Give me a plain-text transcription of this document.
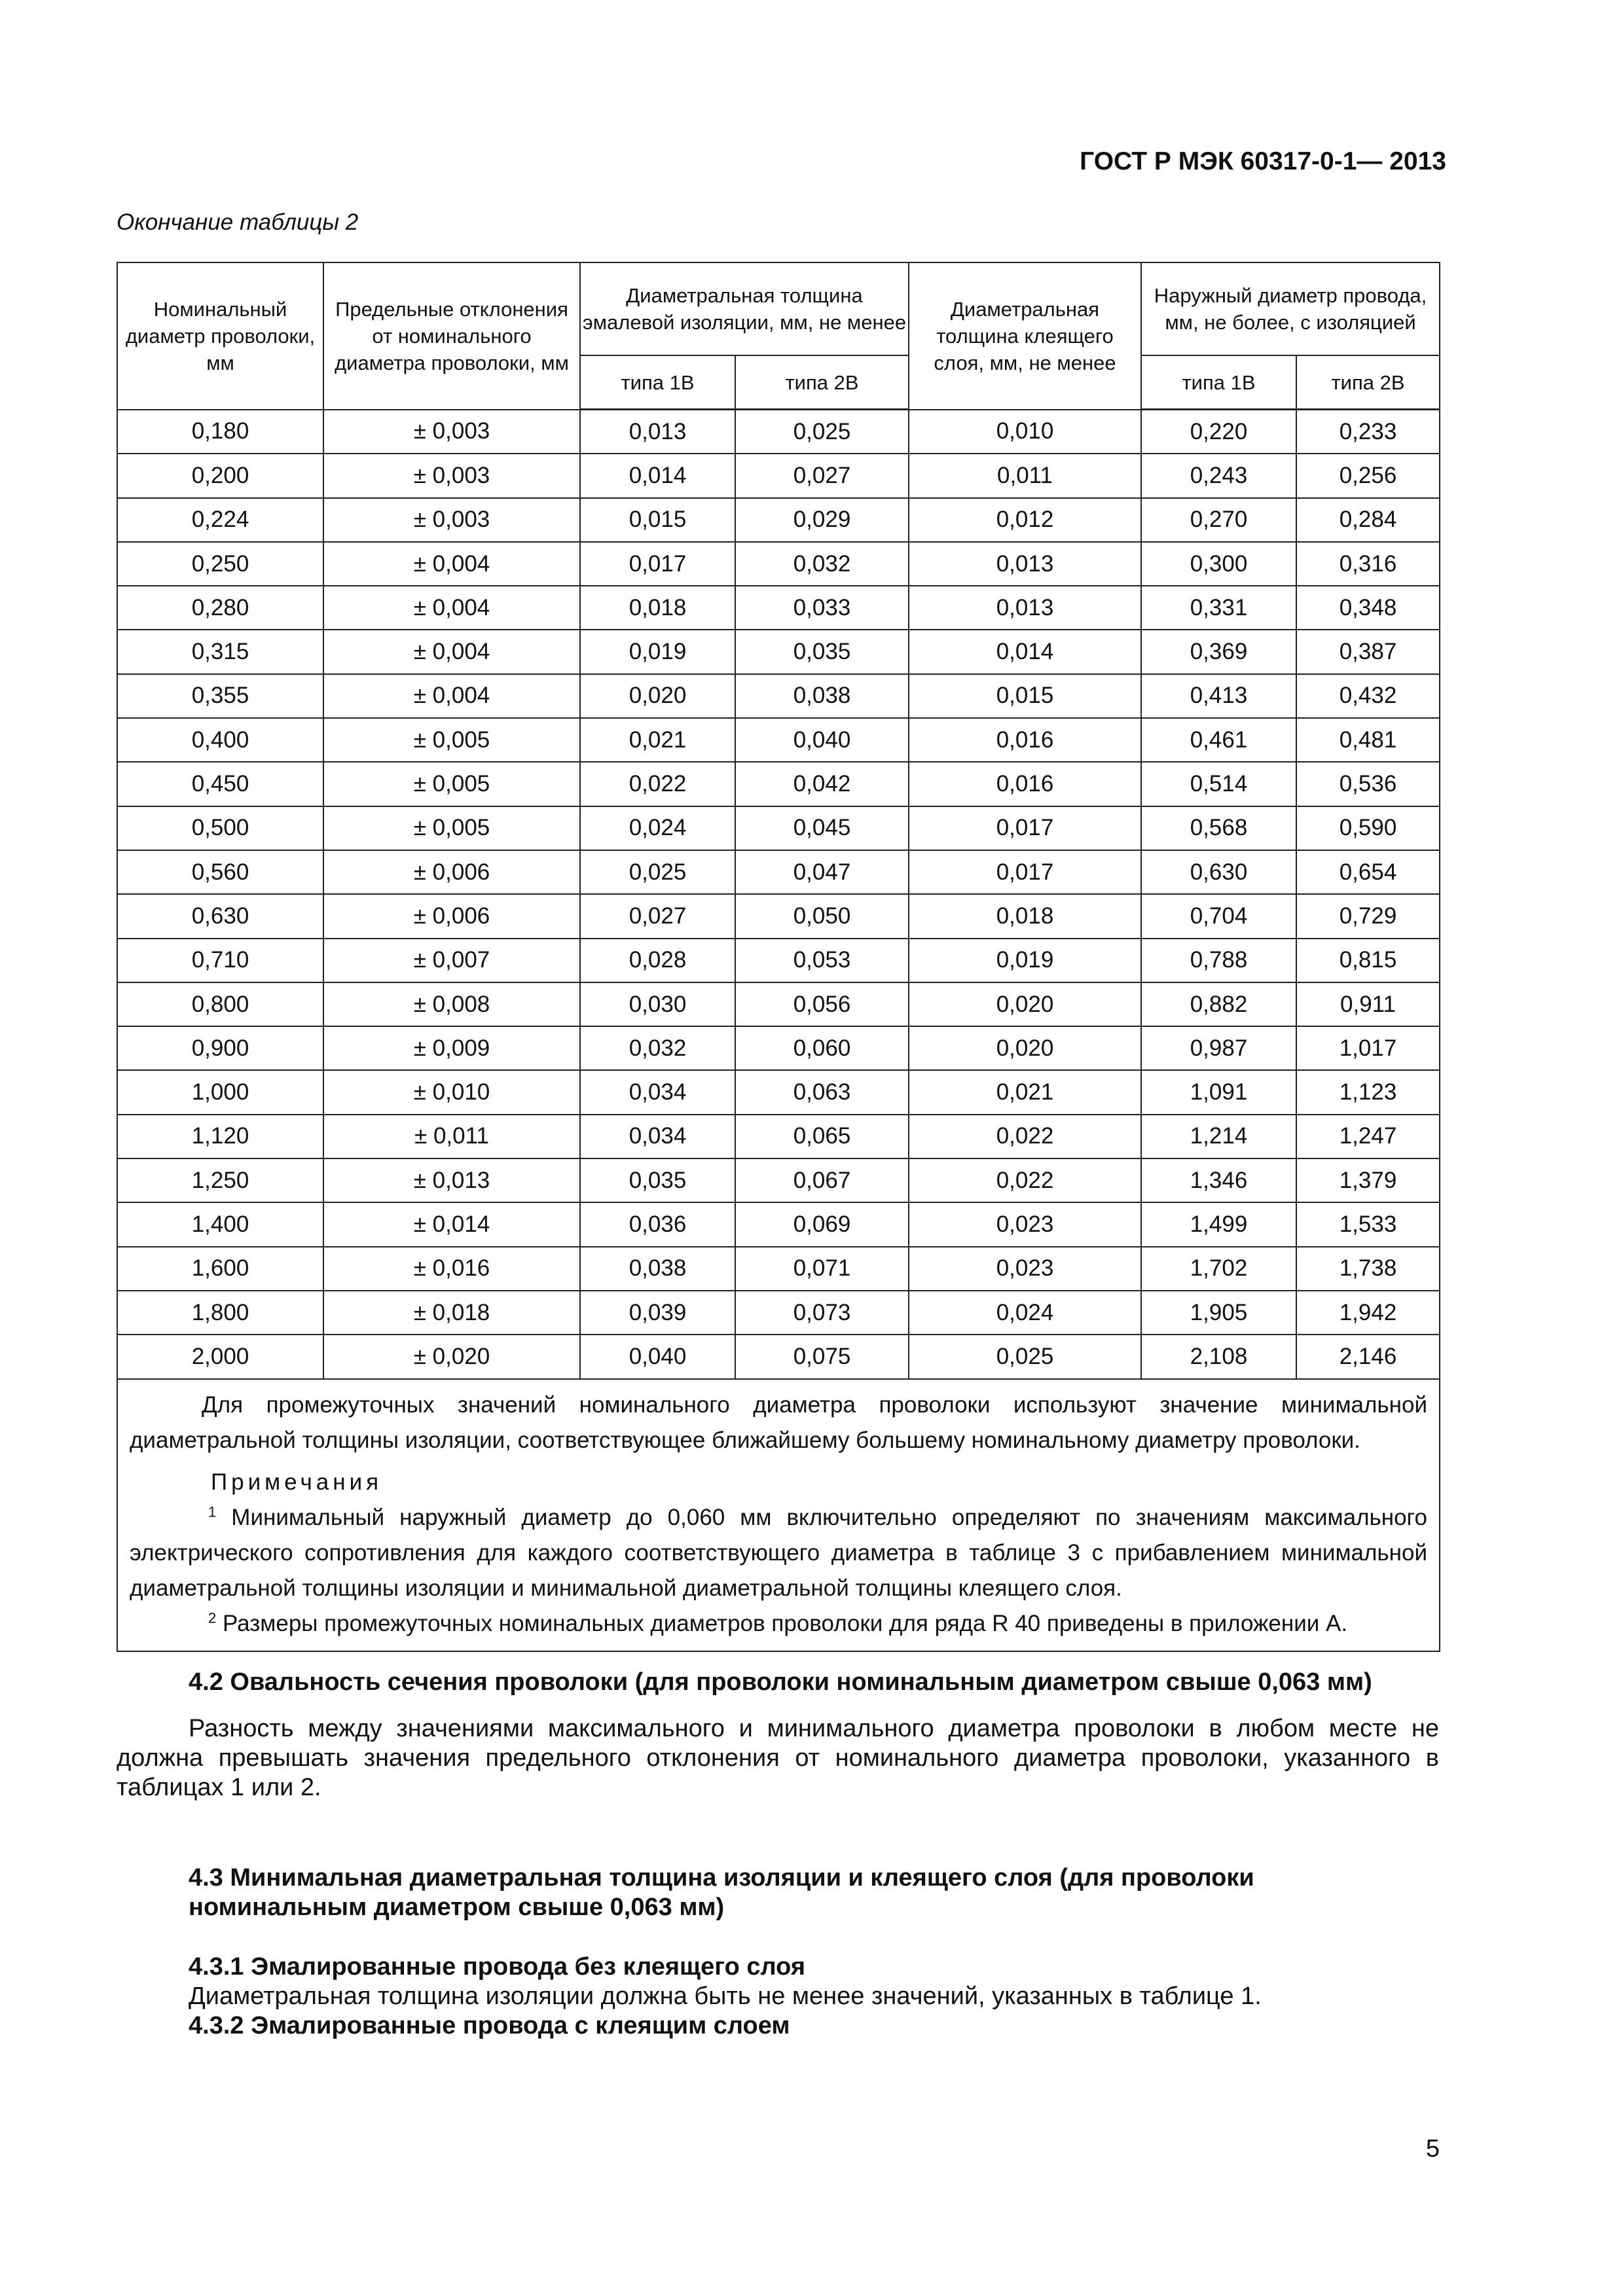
ГОСТ Р МЭК 60317-0-1— 2013
Окончание таблицы 2
Номинальный диаметр проволоки, мм	Предельные отклонения от номинального диаметра проволоки, мм	Диаметральная толщина эмалевой изоляции, мм, не менее		Диаметральная толщина клеящего слоя, мм, не менее	Наружный диаметр провода, мм, не более, с изоляцией	
		типа 1В	типа 2В		типа 1В	типа 2В
0,180	± 0,003	0,013	0,025	0,010	0,220	0,233
0,200	± 0,003	0,014	0,027	0,011	0,243	0,256
0,224	± 0,003	0,015	0,029	0,012	0,270	0,284
0,250	± 0,004	0,017	0,032	0,013	0,300	0,316
0,280	± 0,004	0,018	0,033	0,013	0,331	0,348
0,315	± 0,004	0,019	0,035	0,014	0,369	0,387
0,355	± 0,004	0,020	0,038	0,015	0,413	0,432
0,400	± 0,005	0,021	0,040	0,016	0,461	0,481
0,450	± 0,005	0,022	0,042	0,016	0,514	0,536
0,500	± 0,005	0,024	0,045	0,017	0,568	0,590
0,560	± 0,006	0,025	0,047	0,017	0,630	0,654
0,630	± 0,006	0,027	0,050	0,018	0,704	0,729
0,710	± 0,007	0,028	0,053	0,019	0,788	0,815
0,800	± 0,008	0,030	0,056	0,020	0,882	0,911
0,900	± 0,009	0,032	0,060	0,020	0,987	1,017
1,000	± 0,010	0,034	0,063	0,021	1,091	1,123
1,120	± 0,011	0,034	0,065	0,022	1,214	1,247
1,250	± 0,013	0,035	0,067	0,022	1,346	1,379
1,400	± 0,014	0,036	0,069	0,023	1,499	1,533
1,600	± 0,016	0,038	0,071	0,023	1,702	1,738
1,800	± 0,018	0,039	0,073	0,024	1,905	1,942
2,000	± 0,020	0,040	0,075	0,025	2,108	2,146

Для промежуточных значений номинального диаметра проволоки используют значение минимальной диаметральной толщины изоляции, соответствующее ближайшему большему номинальному диаметру проволоки.

Примечания

$^1$ Минимальный наружный диаметр до 0,060 мм включительно определяют по значениям максимального электрического сопротивления для каждого соответствующего диаметра в таблице 3 с прибавлением минимальной диаметральной толщины изоляции и минимальной диаметральной толщины клеящего слоя.

$^2$ Размеры промежуточных номинальных диаметров проволоки для ряда R 40 приведены в приложении А.						

4.2 Овальность сечения проволоки (для проволоки номинальным диаметром свыше 0,063 мм)

Разность между значениями максимального и минимального диаметра проволоки в любом месте не должна превышать значения предельного отклонения от номинального диаметра проволоки, указанного в таблицах 1 или 2.

4.3 Минимальная диаметральная толщина изоляции и клеящего слоя (для проволоки номинальным диаметром свыше 0,063 мм)

4.3.1 Эмалированные провода без клеящего слоя

Диаметральная толщина изоляции должна быть не менее значений, указанных в таблице 1.

4.3.2 Эмалированные провода с клеящим слоем

5
